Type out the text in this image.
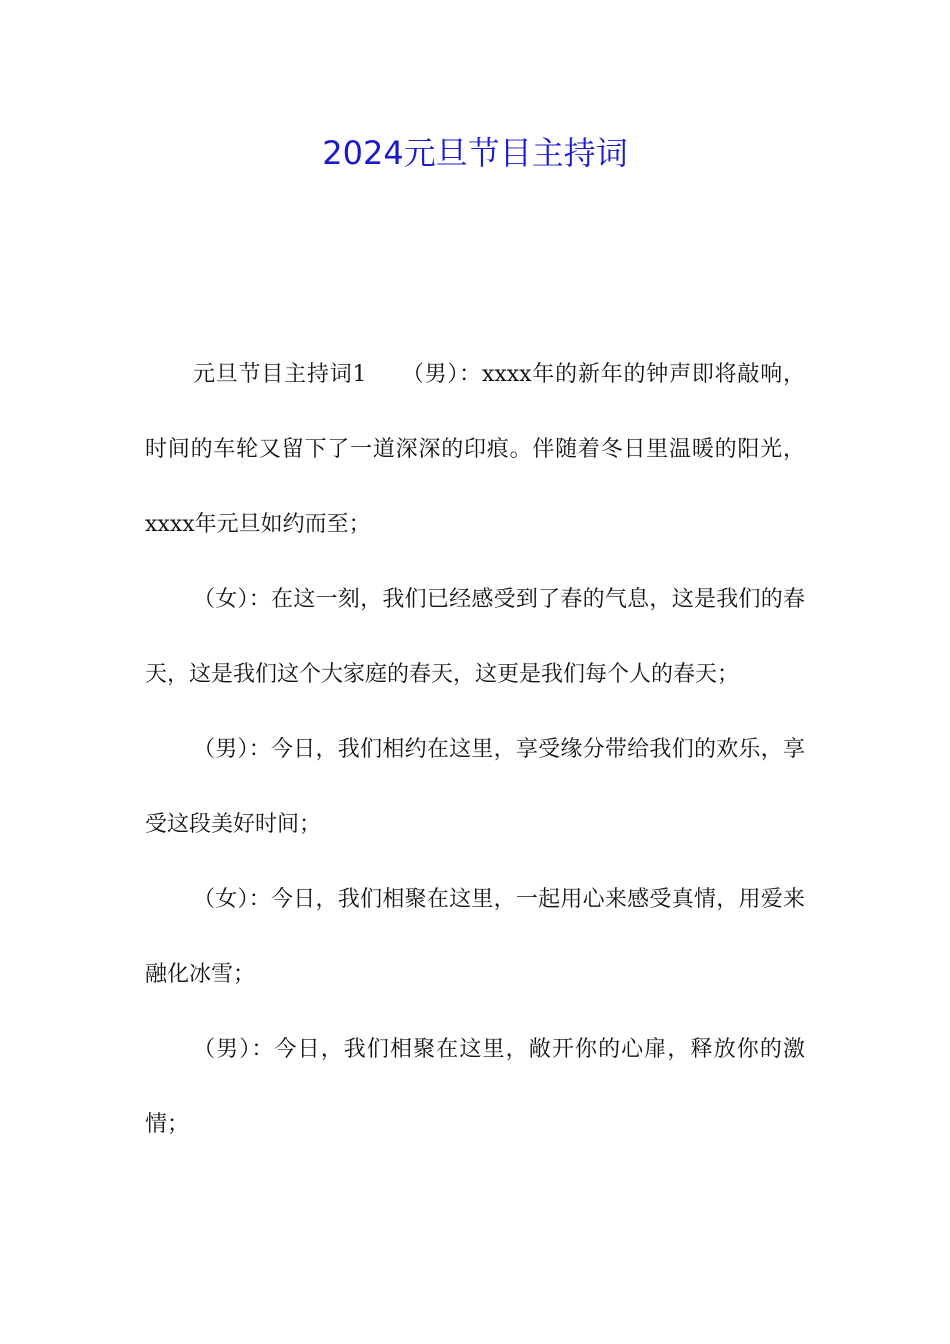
2024元旦节目主持词

元旦节目主持词1　　（男）：xxxx年的新年的钟声即将敲响，时间的车轮又留下了一道深深的印痕。伴随着冬日里温暖的阳光，xxxx年元旦如约而至；

（女）：在这一刻，我们已经感受到了春的气息，这是我们的春天，这是我们这个大家庭的春天，这更是我们每个人的春天；

（男）：今日，我们相约在这里，享受缘分带给我们的欢乐，享受这段美好时间；

（女）：今日，我们相聚在这里，一起用心来感受真情，用爱来融化冰雪；

（男）：今日，我们相聚在这里，敞开你的心扉，释放你的激情；
